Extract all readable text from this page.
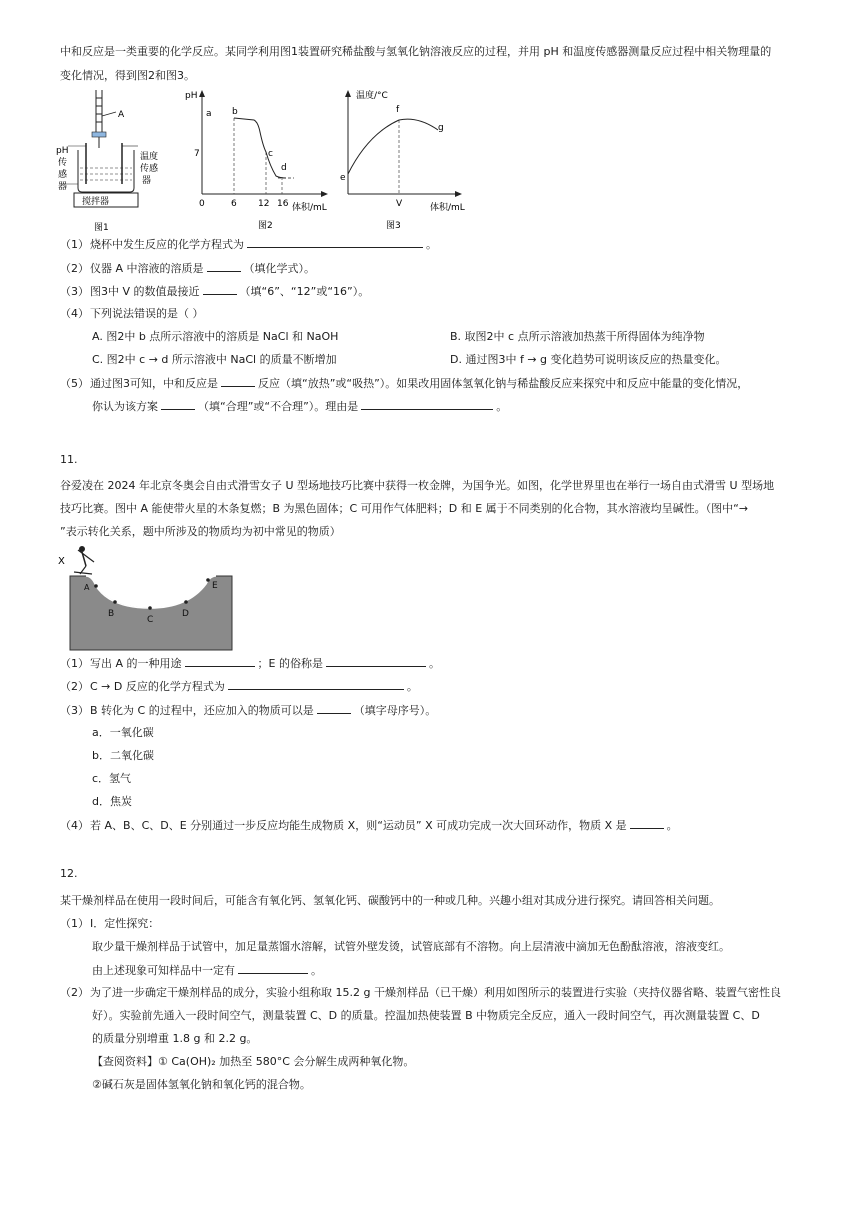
中和反应是一类重要的化学反应。某同学利用图1装置研究稀盐酸与氢氧化钠溶液反应的过程，并用 pH 和温度传感器测量反应过程中相关物理量的
变化情况，得到图2和图3。
A
pH
传
感
器
温度
传感
器
搅拌器
图1
pH
体积/mL
7
0	6 12 16
a b
c
d
图2
温度/°C
体积/mL
V
e
f
g
图3
（1）烧杯中发生反应的化学方程式为	。
（2）仪器 A 中溶液的溶质是	（填化学式）。
（3）图3中 V 的数值最接近	（填“6”、“12”或“16”）。
（4）下列说法错误的是（ ）
A. 图2中 b 点所示溶液中的溶质是 NaCl 和 NaOH	B. 取图2中 c 点所示溶液加热蒸干所得固体为纯净物
C. 图2中 c → d 所示溶液中 NaCl 的质量不断增加	D. 通过图3中 f → g 变化趋势可说明该反应的热量变化。
（5）通过图3可知，中和反应是	反应（填“放热”或“吸热”）。如果改用固体氢氧化钠与稀盐酸反应来探究中和反应中能量的变化情况，
你认为该方案	（填“合理”或“不合理”）。理由是	。
11.
谷爱凌在 2024 年北京冬奥会自由式滑雪女子 U 型场地技巧比赛中获得一枚金牌，为国争光。如图，化学世界里也在举行一场自由式滑雪 U 型场地
技巧比赛。图中 A 能使带火星的木条复燃；B 为黑色固体；C 可用作气体肥料；D 和 E 属于不同类别的化合物，其水溶液均呈碱性。（图中“→
”表示转化关系，题中所涉及的物质均为初中常见的物质）
X
A
B
C
D
E
（1）写出 A 的一种用途	；E 的俗称是	。
（2）C → D 反应的化学方程式为	。
（3）B 转化为 C 的过程中，还应加入的物质可以是	（填字母序号）。
a．一氧化碳
b．二氧化碳
c．氢气
d．焦炭
（4）若 A、B、C、D、E 分别通过一步反应均能生成物质 X，则“运动员” X 可成功完成一次大回环动作，物质 X 是	。
12.
某干燥剂样品在使用一段时间后，可能含有氧化钙、氢氧化钙、碳酸钙中的一种或几种。兴趣小组对其成分进行探究。请回答相关问题。
（1）Ⅰ．定性探究：
取少量干燥剂样品于试管中，加足量蒸馏水溶解，试管外壁发烫，试管底部有不溶物。向上层清液中滴加无色酚酞溶液，溶液变红。
由上述现象可知样品中一定有	。
（2）为了进一步确定干燥剂样品的成分，实验小组称取 15.2 g 干燥剂样品（已干燥）利用如图所示的装置进行实验（夹持仪器省略、装置气密性良
好）。实验前先通入一段时间空气，测量装置 C、D 的质量。控温加热使装置 B 中物质完全反应，通入一段时间空气，再次测量装置 C、D
的质量分别增重 1.8 g 和 2.2 g。
【查阅资料】① Ca(OH)₂ 加热至 580°C 会分解生成两种氧化物。
②碱石灰是固体氢氧化钠和氧化钙的混合物。
